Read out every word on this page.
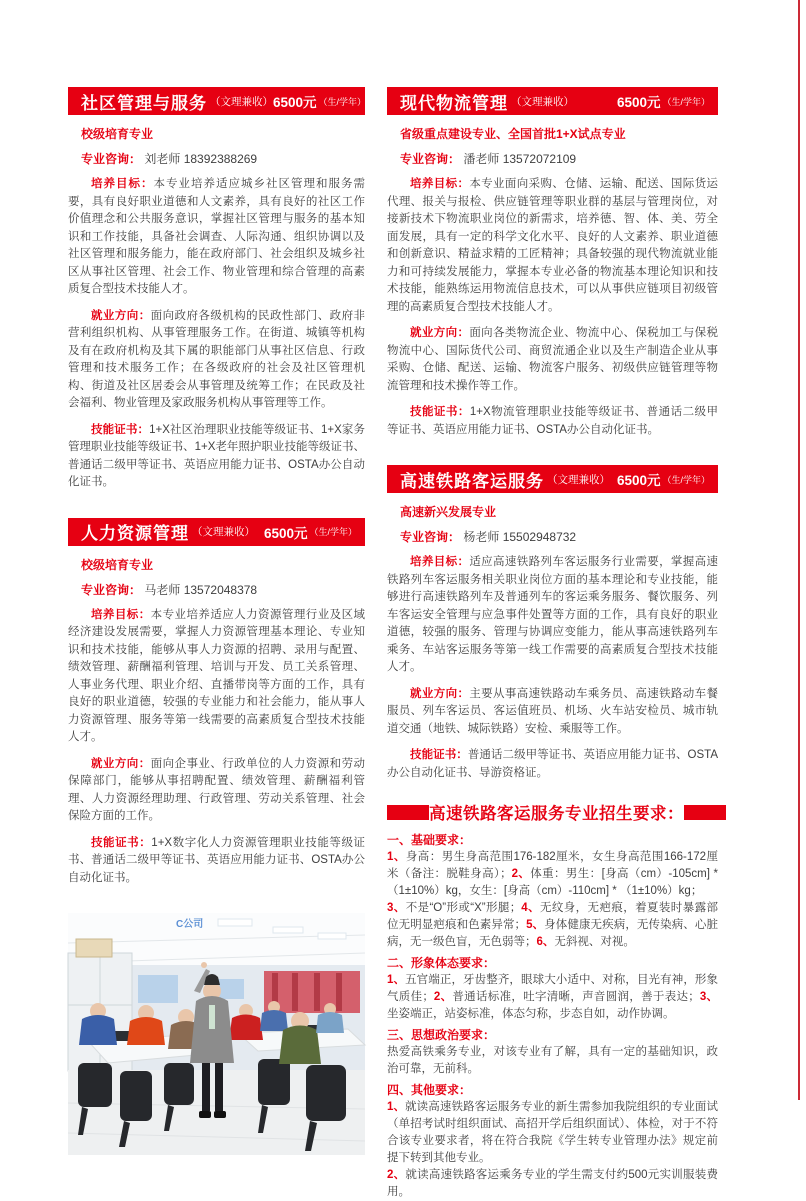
社区管理与服务 （文理兼收） 6500元 （生/学年）
校级培育专业
专业咨询： 刘老师 18392388269

培养目标：本专业培养适应城乡社区管理和服务需要，具有良好职业道德和人文素养，具有良好的社区工作价值理念和公共服务意识，掌握社区管理与服务的基本知识和工作技能，具备社会调查、人际沟通、组织协调以及社区管理和服务能力，能在政府部门、社会组织及城乡社区从事社区管理、社会工作、物业管理和综合管理的高素质复合型技术技能人才。

就业方向：面向政府各级机构的民政性部门、政府非营利组织机构、从事管理服务工作。在街道、城镇等机构及有在政府机构及其下属的职能部门从事社区信息、行政管理和技术服务工作；在各级政府的社会及社区管理机构、街道及社区居委会从事管理及统筹工作；在民政及社会福利、物业管理及家政服务机构从事管理等工作。

技能证书：1+X社区治理职业技能等级证书、1+X家务管理职业技能等级证书、1+X老年照护职业技能等级证书、普通话二级甲等证书、英语应用能力证书、OSTA办公自动化证书。

人力资源管理 （文理兼收） 6500元 （生/学年）
校级培育专业
专业咨询： 马老师 13572048378

培养目标：本专业培养适应人力资源管理行业及区域经济建设发展需要，掌握人力资源管理基本理论、专业知识和技术技能，能够从事人力资源的招聘、录用与配置、绩效管理、薪酬福利管理、培训与开发、员工关系管理、人事业务代理、职业介绍、直播带岗等方面的工作，具有良好的职业道德，较强的专业能力和社会能力，能从事人力资源管理、服务等第一线需要的高素质复合型技术技能人才。

就业方向：面向企事业、行政单位的人力资源和劳动保障部门，能够从事招聘配置、绩效管理、薪酬福利管理、人力资源经理助理、行政管理、劳动关系管理、社会保险方面的工作。

技能证书：1+X数字化人力资源管理职业技能等级证书、普通话二级甲等证书、英语应用能力证书、OSTA办公自动化证书。

C公司
现代物流管理 （文理兼收）	6500元 （生/学年）
省级重点建设专业、全国首批1+X试点专业
专业咨询： 潘老师 13572072109

培养目标：本专业面向采购、仓储、运输、配送、国际货运代理、报关与报检、供应链管理等职业群的基层与管理岗位，对接新技术下物流职业岗位的新需求，培养德、智、体、美、劳全面发展，具有一定的科学文化水平、良好的人文素养、职业道德和创新意识、精益求精的工匠精神；具备较强的现代物流就业能力和可持续发展能力，掌握本专业必备的物流基本理论知识和技术技能，能熟练运用物流信息技术，可以从事供应链项目初级管理的高素质复合型技术技能人才。

就业方向：面向各类物流企业、物流中心、保税加工与保税物流中心、国际货代公司、商贸流通企业以及生产制造企业从事采购、仓储、配送、运输、物流客户服务、初级供应链管理等物流管理和技术操作等工作。

技能证书：1+X物流管理职业技能等级证书、普通话二级甲等证书、英语应用能力证书、OSTA办公自动化证书。

高速铁路客运服务 （文理兼收） 6500元 （生/学年）
高速新兴发展专业
专业咨询： 杨老师 15502948732

培养目标：适应高速铁路列车客运服务行业需要，掌握高速铁路列车客运服务相关职业岗位方面的基本理论和专业技能，能够进行高速铁路列车及普通列车的客运乘务服务、餐饮服务、列车客运安全管理与应急事件处置等方面的工作，具有良好的职业道德，较强的服务、管理与协调应变能力，能从事高速铁路列车乘务、车站客运服务等第一线工作需要的高素质复合型技术技能人才。

就业方向：主要从事高速铁路动车乘务员、高速铁路动车餐服员、列车客运员、客运值班员、机场、火车站安检员、城市轨道交通（地铁、城际铁路）安检、乘服等工作。

技能证书：普通话二级甲等证书、英语应用能力证书、OSTA办公自动化证书、导游资格证。

高速铁路客运服务专业招生要求：
一、基础要求：

1、身高：男生身高范围176-182厘米，女生身高范围166-172厘米（备注：脱鞋身高）；2、体重：男生：[身高（cm）-105cm] * （1±10%）kg，女生：[身高（cm）-110cm] * （1±10%）kg；

3、不是“O”形或“X”形腿；4、无纹身，无疤痕，着夏装时暴露部位无明显疤痕和色素异常；5、身体健康无疾病，无传染病、心脏病，无一级色盲，无色弱等；6、无斜视、对视。

二、形象体态要求：

1、五官端正，牙齿整齐，眼球大小适中、对称，目光有神，形象气质佳；2、普通话标准，吐字清晰，声音圆润，善于表达；3、坐姿端正，站姿标准，体态匀称，步态自如，动作协调。

三、思想政治要求：

热爱高铁乘务专业，对该专业有了解，具有一定的基础知识，政治可靠，无前科。

四、其他要求：

1、就读高速铁路客运服务专业的新生需参加我院组织的专业面试（单招考试时组织面试、高招开学后组织面试）、体检，对于不符合该专业要求者，将在符合我院《学生转专业管理办法》规定前提下转到其他专业。

2、就读高速铁路客运乘务专业的学生需支付约500元实训服装费用。
